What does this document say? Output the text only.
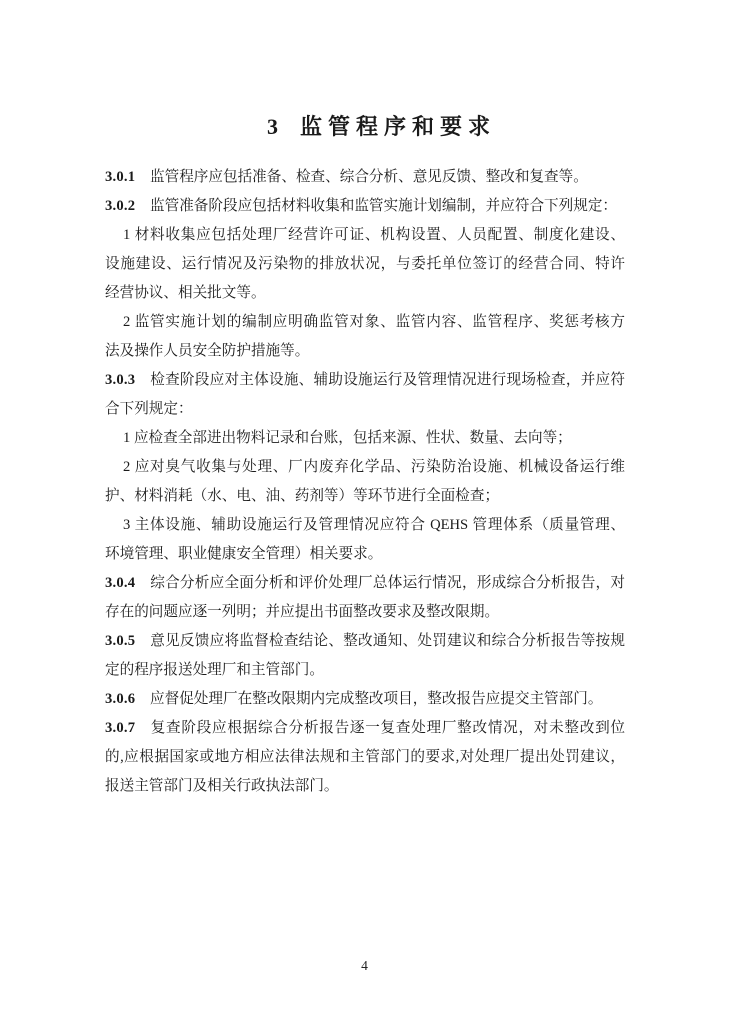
3 监管程序和要求
3.0.1 监管程序应包括准备、检查、综合分析、意见反馈、整改和复查等。
3.0.2 监管准备阶段应包括材料收集和监管实施计划编制，并应符合下列规定：
1 材料收集应包括处理厂经营许可证、机构设置、人员配置、制度化建设、
设施建设、运行情况及污染物的排放状况，与委托单位签订的经营合同、特许
经营协议、相关批文等。
2 监管实施计划的编制应明确监管对象、监管内容、监管程序、奖惩考核方
法及操作人员安全防护措施等。
3.0.3 检查阶段应对主体设施、辅助设施运行及管理情况进行现场检查，并应符
合下列规定：
1 应检查全部进出物料记录和台账，包括来源、性状、数量、去向等；
2 应对臭气收集与处理、厂内废弃化学品、污染防治设施、机械设备运行维
护、材料消耗（水、电、油、药剂等）等环节进行全面检查；
3 主体设施、辅助设施运行及管理情况应符合 QEHS 管理体系（质量管理、
环境管理、职业健康安全管理）相关要求。
3.0.4 综合分析应全面分析和评价处理厂总体运行情况，形成综合分析报告，对
存在的问题应逐一列明；并应提出书面整改要求及整改限期。
3.0.5 意见反馈应将监督检查结论、整改通知、处罚建议和综合分析报告等按规
定的程序报送处理厂和主管部门。
3.0.6 应督促处理厂在整改限期内完成整改项目，整改报告应提交主管部门。
3.0.7 复查阶段应根据综合分析报告逐一复查处理厂整改情况，对未整改到位
的,应根据国家或地方相应法律法规和主管部门的要求,对处理厂提出处罚建议，
报送主管部门及相关行政执法部门。
4
